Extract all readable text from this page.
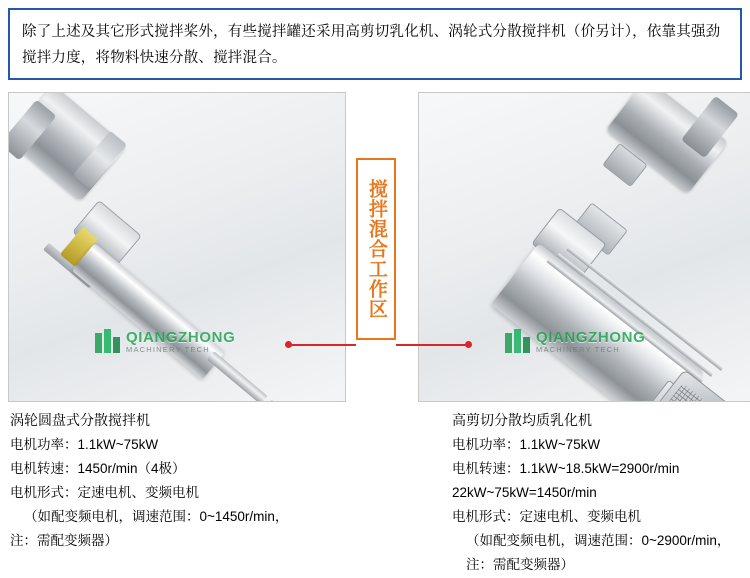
除了上述及其它形式搅拌桨外，有些搅拌罐还采用高剪切乳化机、涡轮式分散搅拌机（价另计），依靠其强劲搅拌力度，将物料快速分散、搅拌混合。
QIANGZHONG
MACHINERY TECH
QIANGZHONG
MACHINERY TECH
搅拌混合工作区
涡轮圆盘式分散搅拌机
电机功率：1.1kW~75kW
电机转速：1450r/min（4极）
电机形式：定速电机、变频电机
（如配变频电机，调速范围：0~1450r/min，
注：需配变频器）
高剪切分散均质乳化机
电机功率：1.1kW~75kW
电机转速：1.1kW~18.5kW=2900r/min
22kW~75kW=1450r/min
电机形式：定速电机、变频电机
（如配变频电机，调速范围：0~2900r/min，
注：需配变频器）
